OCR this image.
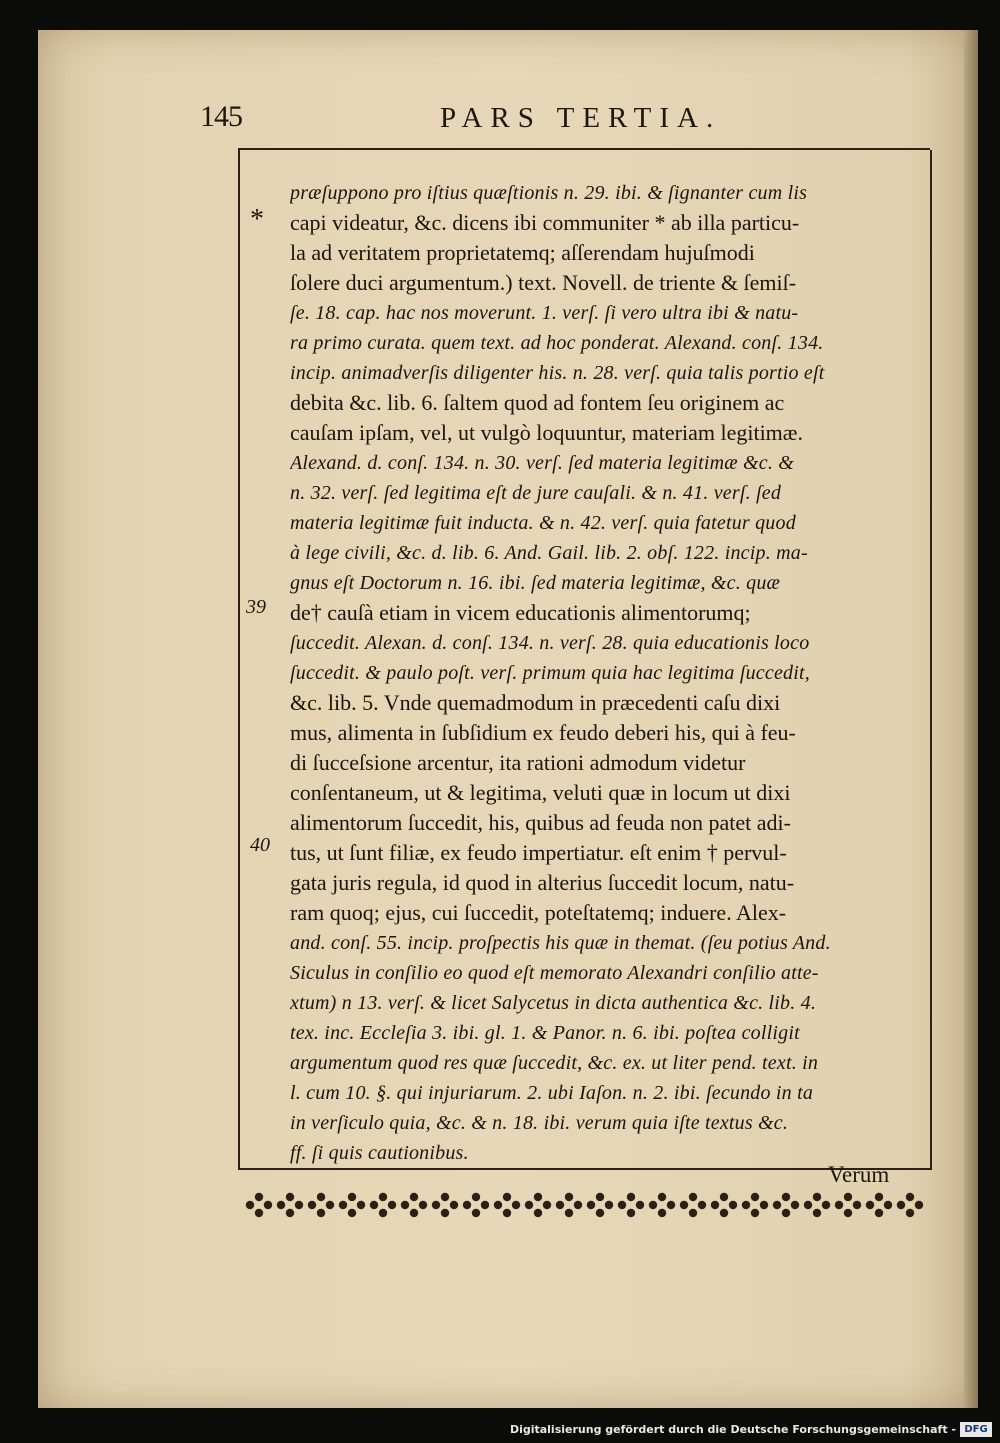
145	PARS TERTIA.
*
39
40
præſuppono pro iſtius quæſtionis n. 29. ibi. & ſignanter cum lis
capi videatur, &c. dicens ibi communiter * ab illa particu-
la ad veritatem proprietatemq; aſſerendam hujuſmodi
ſolere duci argumentum.) text. Novell. de triente & ſemiſ-
ſe. 18. cap. hac nos moverunt. 1. verſ. ſi vero ultra ibi & natu-
ra primo curata. quem text. ad hoc ponderat. Alexand. conſ. 134.
incip. animadverſis diligenter his. n. 28. verſ. quia talis portio eſt
debita &c. lib. 6. ſaltem quod ad fontem ſeu originem ac
cauſam ipſam, vel, ut vulgò loquuntur, materiam legitimæ.
Alexand. d. conſ. 134. n. 30. verſ. ſed materia legitimæ &c. &
n. 32. verſ. ſed legitima eſt de jure cauſali. & n. 41. verſ. ſed
materia legitimæ fuit inducta. & n. 42. verſ. quia fatetur quod
à lege civili, &c. d. lib. 6. And. Gail. lib. 2. obſ. 122. incip. ma-
gnus eſt Doctorum n. 16. ibi. ſed materia legitimæ, &c. quæ
de† cauſà etiam in vicem educationis alimentorumq;
ſuccedit. Alexan. d. conſ. 134. n. verſ. 28. quia educationis loco
ſuccedit. & paulo poſt. verſ. primum quia hac legitima ſuccedit,
&c. lib. 5. Vnde quemadmodum in præcedenti caſu dixi
mus, alimenta in ſubſidium ex feudo deberi his, qui à feu-
di ſucceſsione arcentur, ita rationi admodum videtur
conſentaneum, ut & legitima, veluti quæ in locum ut dixi
alimentorum ſuccedit, his, quibus ad feuda non patet adi-
tus, ut ſunt filiæ, ex feudo impertiatur. eſt enim † pervul-
gata juris regula, id quod in alterius ſuccedit locum, natu-
ram quoq; ejus, cui ſuccedit, poteſtatemq; induere. Alex-
and. conſ. 55. incip. proſpectis his quæ in themat. (ſeu potius And.
Siculus in conſilio eo quod eſt memorato Alexandri conſilio atte-
xtum) n 13. verſ. & licet Salycetus in dicta authentica &c. lib. 4.
tex. inc. Eccleſia 3. ibi. gl. 1. & Panor. n. 6. ibi. poſtea colligit
argumentum quod res quæ ſuccedit, &c. ex. ut liter pend. text. in
l. cum 10. §. qui injuriarum. 2. ubi Iaſon. n. 2. ibi. ſecundo in ta
in verſiculo quia, &c. & n. 18. ibi. verum quia iſte textus &c.
ff. ſi quis cautionibus.
Verum
Digitalisierung gefördert durch die Deutsche Forschungsgemeinschaft - DFG
